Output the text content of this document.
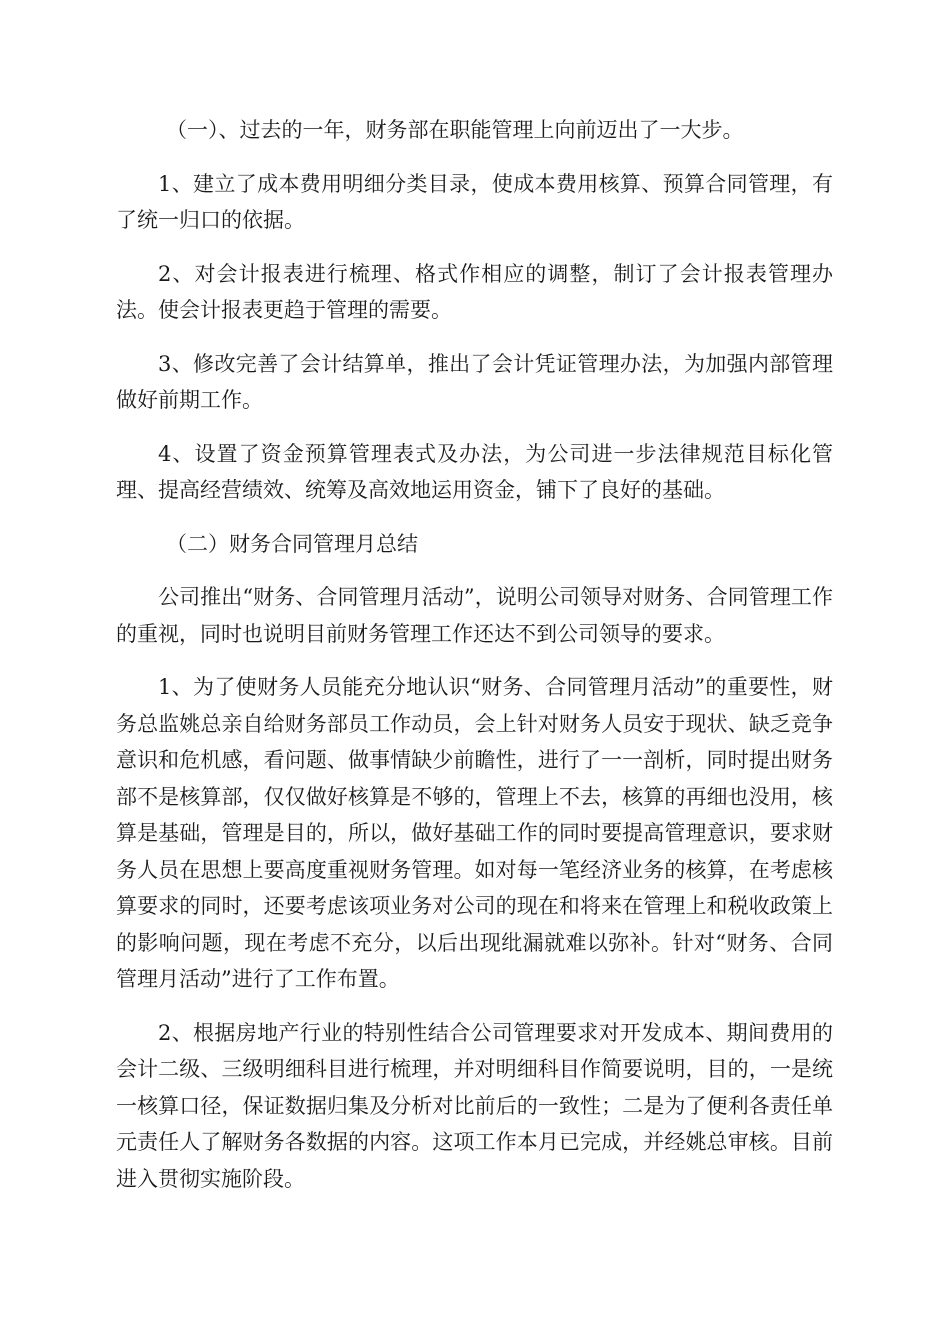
（一）、过去的一年，财务部在职能管理上向前迈出了一大步。

1、建立了成本费用明细分类目录，使成本费用核算、预算合同管理，有了统一归口的依据。

2、对会计报表进行梳理、格式作相应的调整，制订了会计报表管理办法。使会计报表更趋于管理的需要。

3、修改完善了会计结算单，推出了会计凭证管理办法，为加强内部管理做好前期工作。

4、设置了资金预算管理表式及办法，为公司进一步法律规范目标化管理、提高经营绩效、统筹及高效地运用资金，铺下了良好的基础。

（二）财务合同管理月总结

公司推出“财务、合同管理月活动”，说明公司领导对财务、合同管理工作的重视，同时也说明目前财务管理工作还达不到公司领导的要求。

1、为了使财务人员能充分地认识“财务、合同管理月活动”的重要性，财务总监姚总亲自给财务部员工作动员，会上针对财务人员安于现状、缺乏竞争意识和危机感，看问题、做事情缺少前瞻性，进行了一一剖析，同时提出财务部不是核算部，仅仅做好核算是不够的，管理上不去，核算的再细也没用，核算是基础，管理是目的，所以，做好基础工作的同时要提高管理意识，要求财务人员在思想上要高度重视财务管理。如对每一笔经济业务的核算，在考虑核算要求的同时，还要考虑该项业务对公司的现在和将来在管理上和税收政策上的影响问题，现在考虑不充分，以后出现纰漏就难以弥补。针对“财务、合同管理月活动”进行了工作布置。

2、根据房地产行业的特别性结合公司管理要求对开发成本、期间费用的会计二级、三级明细科目进行梳理，并对明细科目作简要说明，目的，一是统一核算口径，保证数据归集及分析对比前后的一致性；二是为了便利各责任单元责任人了解财务各数据的内容。这项工作本月已完成，并经姚总审核。目前进入贯彻实施阶段。
